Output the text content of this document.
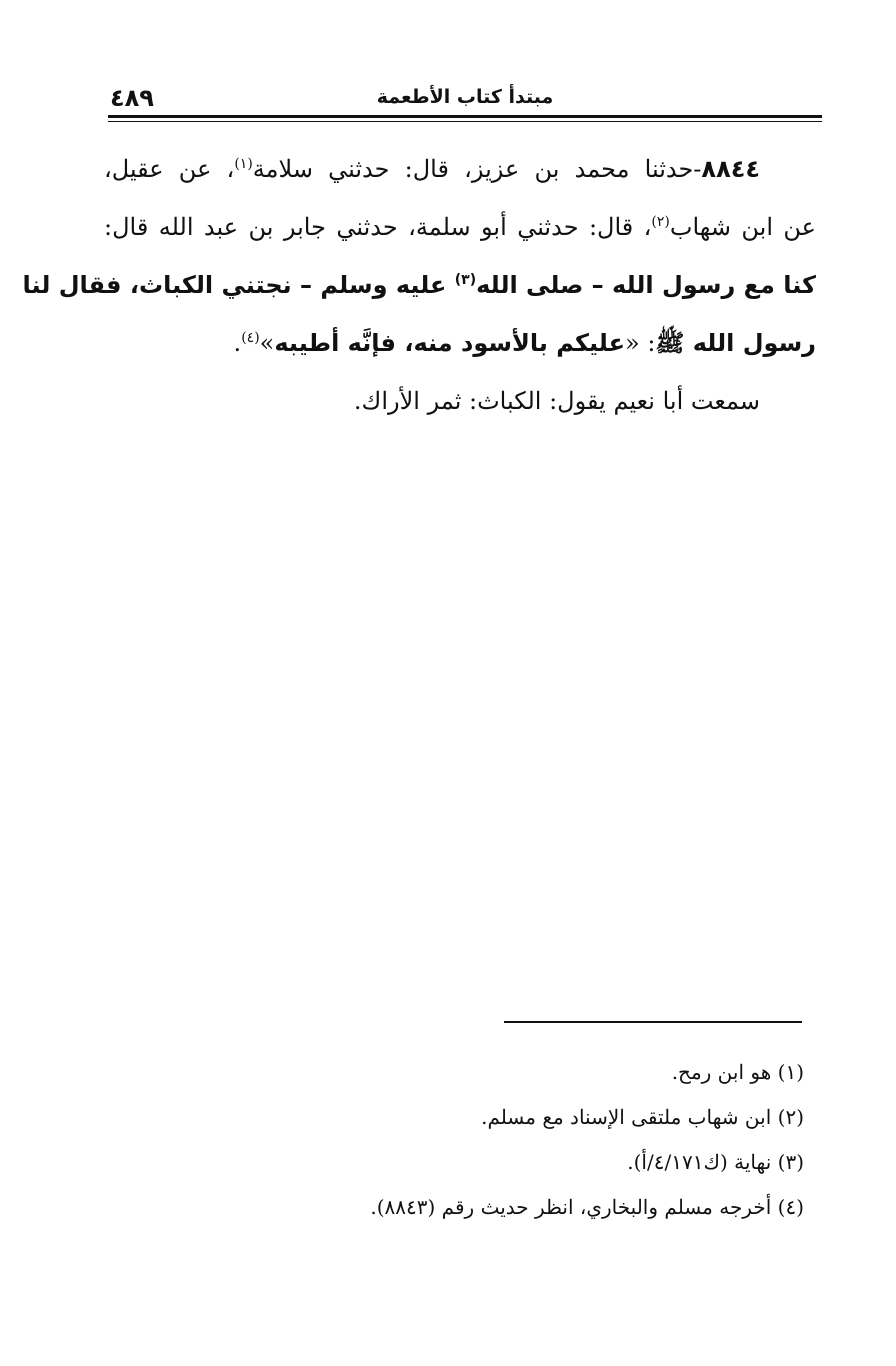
٤٨٩	مبتدأ كتاب الأطعمة
٨٨٤٤-حدثنا محمد بن عزيز، قال: حدثني سلامة$^{(١)}$، عن عقيل،
عن ابن شهاب$^{(٢)}$، قال: حدثني أبو سلمة، حدثني جابر بن عبد الله قال:
كنا مع رسول الله – صلى الله$^{(٣)}$ عليه وسلم – نجتني الكباث، فقال لنا
رسول الله ﷺ: «عليكم بالأسود منه، فإنَّه أطيبه»$^{(٤)}$.
سمعت أبا نعيم يقول: الكباث: ثمر الأراك.
(١) هو ابن رمح.
(٢) ابن شهاب ملتقى الإسناد مع مسلم.
(٣) نهاية (ك٤/١٧١/أ).
(٤) أخرجه مسلم والبخاري، انظر حديث رقم (٨٨٤٣).
